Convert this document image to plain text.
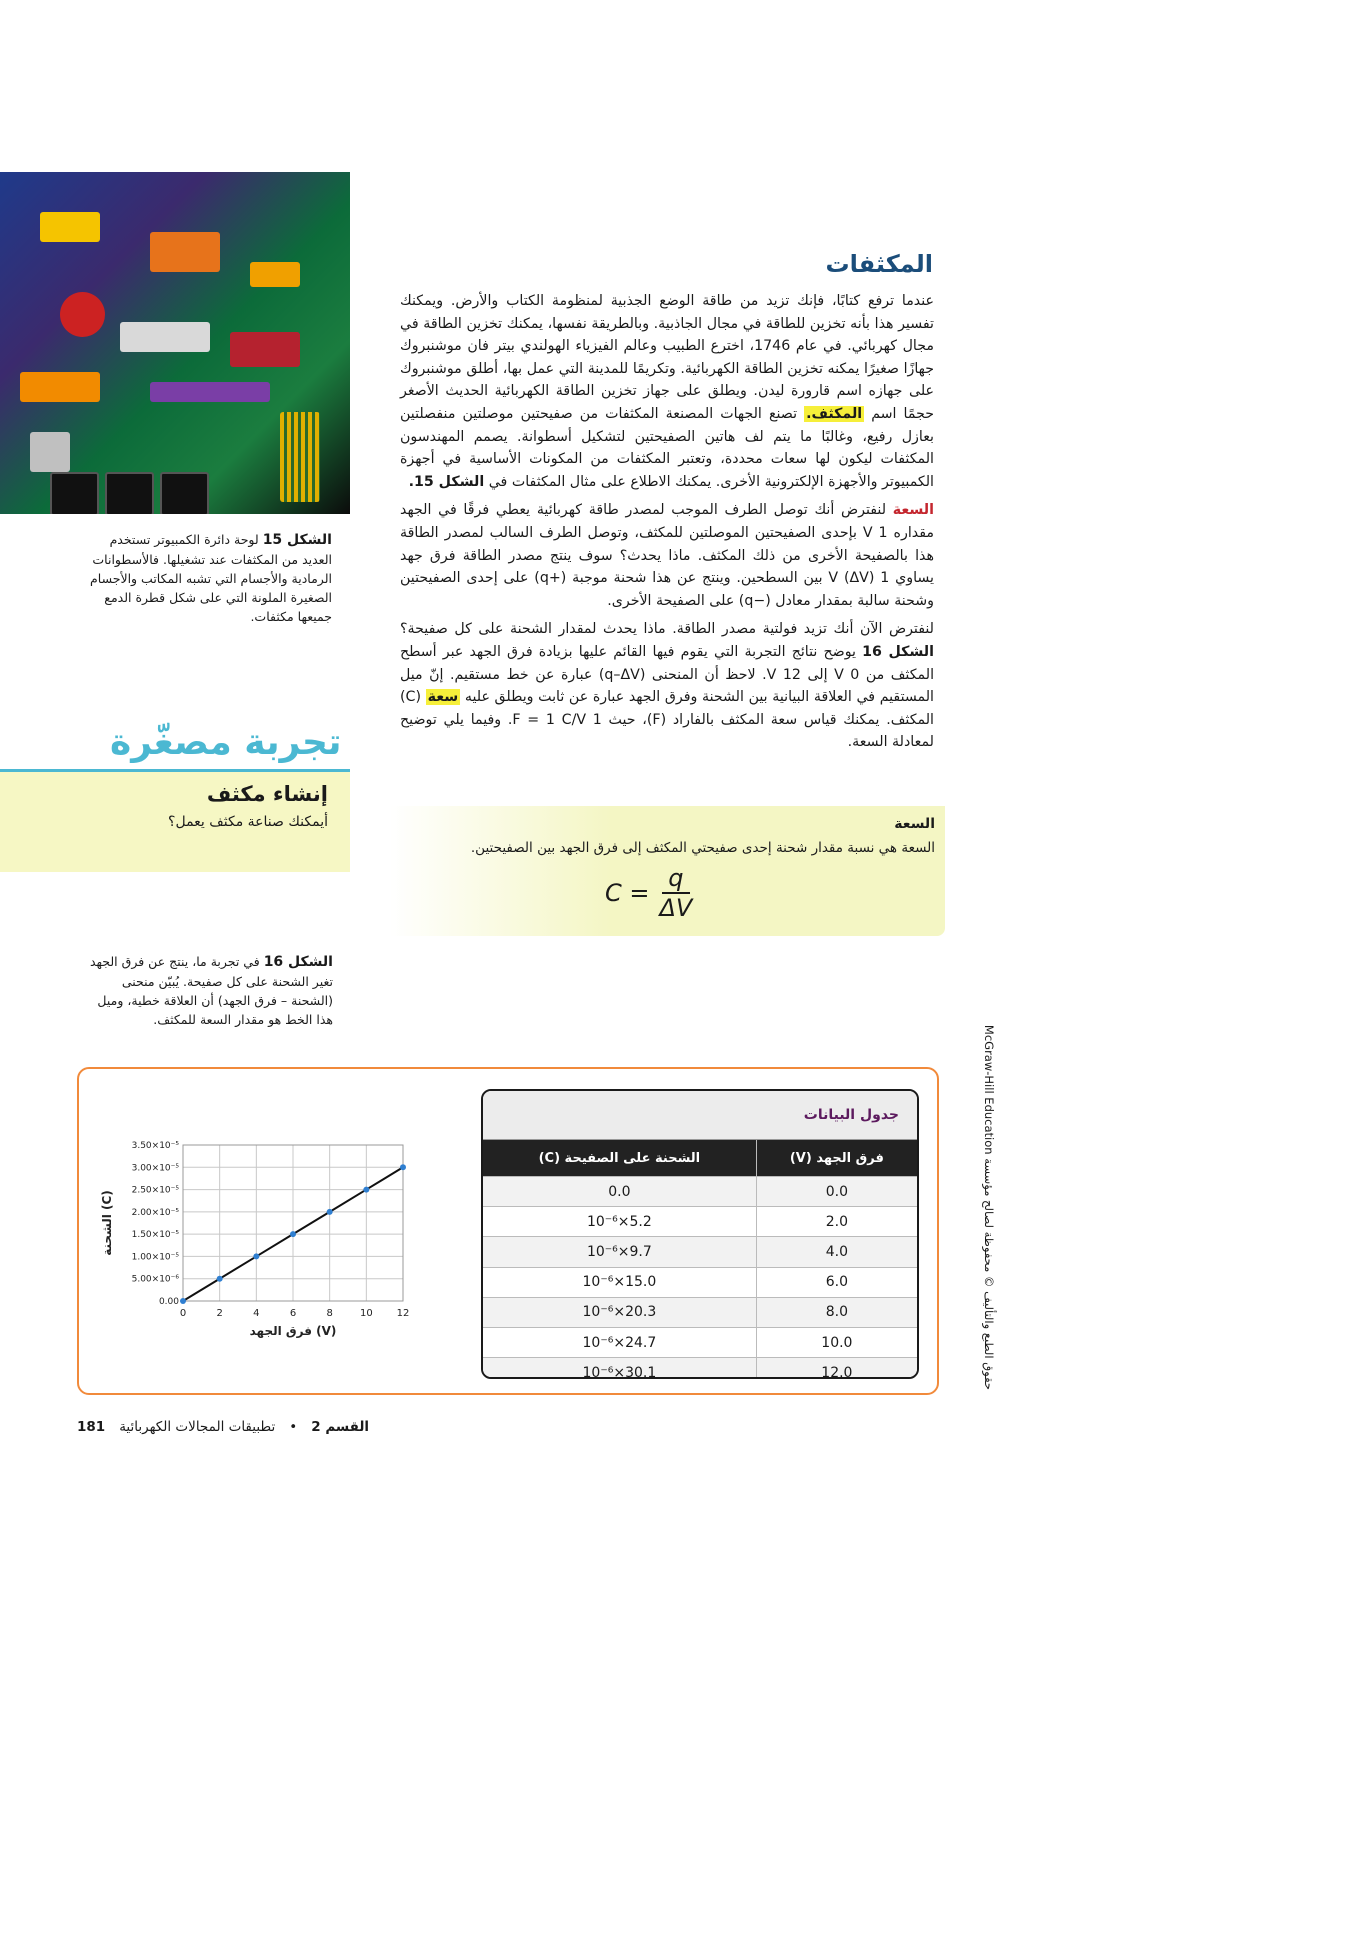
المكثفات

عندما ترفع كتابًا، فإنك تزيد من طاقة الوضع الجذبية لمنظومة الكتاب والأرض. ويمكنك تفسير هذا بأنه تخزين للطاقة في مجال الجاذبية. وبالطريقة نفسها، يمكنك تخزين الطاقة في مجال كهربائي. في عام 1746، اخترع الطبيب وعالم الفيزياء الهولندي بيتر فان موشنبروك جهازًا صغيرًا يمكنه تخزين الطاقة الكهربائية. وتكريمًا للمدينة التي عمل بها، أطلق موشنبروك على جهازه اسم قارورة ليدن. ويطلق على جهاز تخزين الطاقة الكهربائية الحديث الأصغر حجمًا اسم المكثف. تصنع الجهات المصنعة المكثفات من صفيحتين موصلتين منفصلتين بعازل رفيع، وغالبًا ما يتم لف هاتين الصفيحتين لتشكيل أسطوانة. يصمم المهندسون المكثفات ليكون لها سعات محددة، وتعتبر المكثفات من المكونات الأساسية في أجهزة الكمبيوتر والأجهزة الإلكترونية الأخرى. يمكنك الاطلاع على مثال المكثفات في الشكل 15.

السعة لنفترض أنك توصل الطرف الموجب لمصدر طاقة كهربائية يعطي فرقًا في الجهد مقداره 1 V بإحدى الصفيحتين الموصلتين للمكثف، وتوصل الطرف السالب لمصدر الطاقة هذا بالصفيحة الأخرى من ذلك المكثف. ماذا يحدث؟ سوف ينتج مصدر الطاقة فرق جهد يساوي 1 V (ΔV) بين السطحين. وينتج عن هذا شحنة موجبة (+q) على إحدى الصفيحتين وشحنة سالبة بمقدار معادل (−q) على الصفيحة الأخرى.

لنفترض الآن أنك تزيد فولتية مصدر الطاقة. ماذا يحدث لمقدار الشحنة على كل صفيحة؟ الشكل 16 يوضح نتائج التجربة التي يقوم فيها القائم عليها بزيادة فرق الجهد عبر أسطح المكثف من 0 V إلى 12 V. لاحظ أن المنحنى (q–ΔV) عبارة عن خط مستقيم. إنّ ميل المستقيم في العلاقة البيانية بين الشحنة وفرق الجهد عبارة عن ثابت ويطلق عليه سعة (C) المكثف. يمكنك قياس سعة المكثف بالفاراد (F)، حيث 1 F = 1 C/V. وفيما يلي توضيح لمعادلة السعة.

الشكل 15 لوحة دائرة الكمبيوتر تستخدم العديد من المكثفات عند تشغيلها. فالأسطوانات الرمادية والأجسام التي تشبه المكاتب والأجسام الصغيرة الملونة التي على شكل قطرة الدمع جميعها مكثفات.
تجربة مصغّرة
إنشاء مكثف

أيمكنك صناعة مكثف يعمل؟	السعة
السعة هي نسبة مقدار شحنة إحدى صفيحتي المكثف إلى فرق الجهد بين الصفيحتين.
$C = \frac{q}{\Delta V}$
الشكل 16 في تجربة ما، ينتج عن فرق الجهد تغير الشحنة على كل صفيحة. يُبيّن منحنى (الشحنة – فرق الجهد) أن العلاقة خطية، وميل هذا الخط هو مقدار السعة للمكثف.
0	2	4	6	8	10 12
0.00
5.00×10⁻⁶
1.00×10⁻⁵
1.50×10⁻⁵
2.00×10⁻⁵
2.50×10⁻⁵
3.00×10⁻⁵
3.50×10⁻⁵
فرق الجهد (V)
الشحنة (C)
جدول البيانات
فرق الجهد (V)	الشحنة على الصفيحة (C)
0.0	0.0
2.0	5.2×10⁻⁶
4.0	9.7×10⁻⁶
6.0	15.0×10⁻⁶
8.0	20.3×10⁻⁶
10.0	24.7×10⁻⁶
12.0	30.1×10⁻⁶
حقوق الطبع والتأليف © محفوظة لصالح مؤسسة McGraw-Hill Education
القسم 2
•
تطبيقات المجالات الكهربائية
181
